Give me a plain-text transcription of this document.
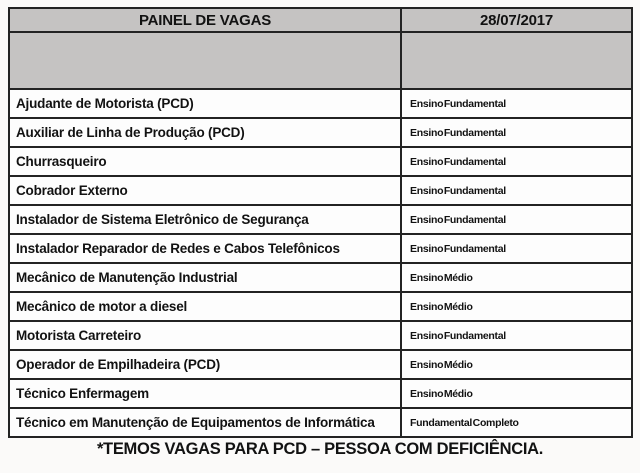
PAINEL DE VAGAS	28/07/2017
Ajudante de Motorista (PCD)	Ensino Fundamental
Auxiliar de Linha de Produção (PCD)	Ensino Fundamental
Churrasqueiro	Ensino Fundamental
Cobrador Externo	Ensino Fundamental
Instalador de Sistema Eletrônico de Segurança	Ensino Fundamental
Instalador Reparador de Redes e Cabos Telefônicos	Ensino Fundamental
Mecânico de Manutenção Industrial	Ensino Médio
Mecânico de motor a diesel	Ensino Médio
Motorista Carreteiro	Ensino Fundamental
Operador de Empilhadeira (PCD)	Ensino Médio
Técnico Enfermagem	Ensino Médio
Técnico em Manutenção de Equipamentos de Informática	Fundamental Completo
*TEMOS VAGAS PARA PCD – PESSOA COM DEFICIÊNCIA.
